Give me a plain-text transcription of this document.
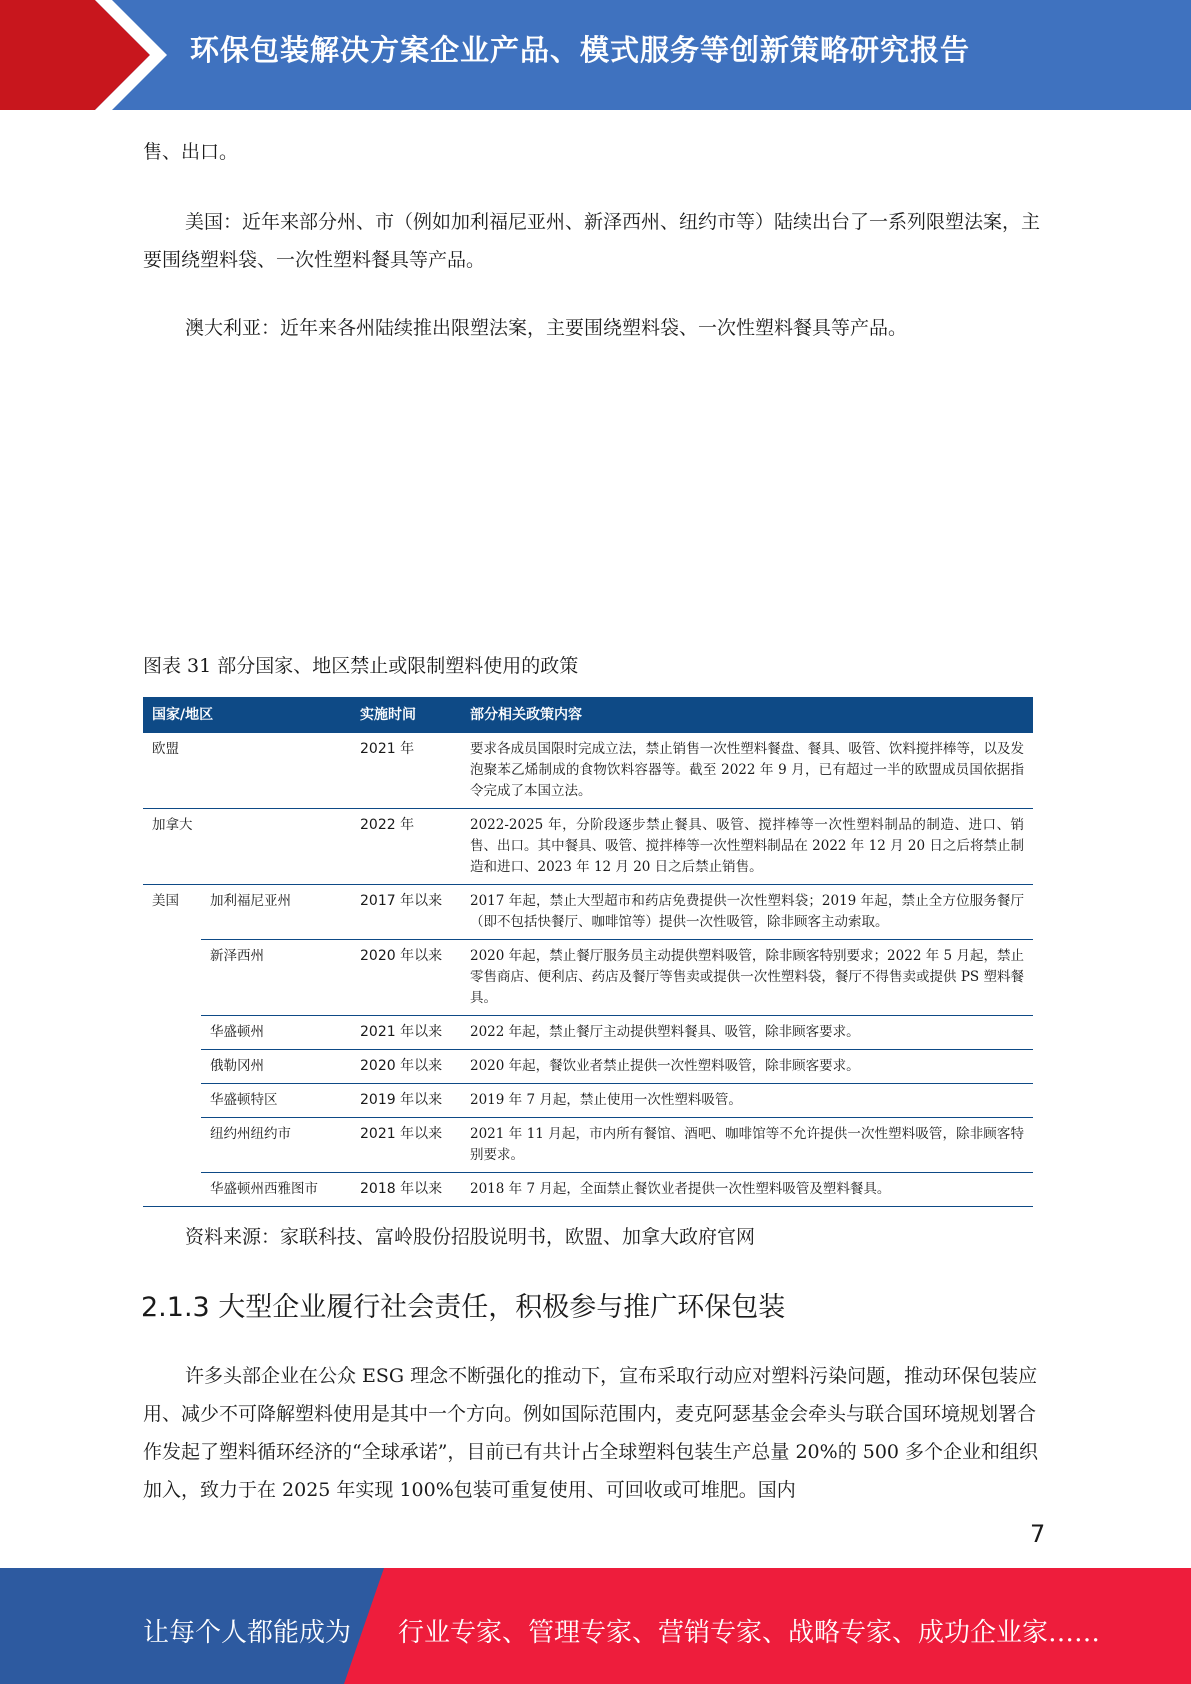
环保包装解决方案企业产品、模式服务等创新策略研究报告

售、出口。

美国：近年来部分州、市（例如加利福尼亚州、新泽西州、纽约市等）陆续出台了一系列限塑法案，主要围绕塑料袋、一次性塑料餐具等产品。

澳大利亚：近年来各州陆续推出限塑法案，主要围绕塑料袋、一次性塑料餐具等产品。

图表 31 部分国家、地区禁止或限制塑料使用的政策
国家/地区		实施时间	部分相关政策内容
欧盟		2021 年	要求各成员国限时完成立法，禁止销售一次性塑料餐盘、餐具、吸管、饮料搅拌棒等，以及发泡聚苯乙烯制成的食物饮料容器等。截至 2022 年 9 月，已有超过一半的欧盟成员国依据指令完成了本国立法。
加拿大		2022 年	2022-2025 年，分阶段逐步禁止餐具、吸管、搅拌棒等一次性塑料制品的制造、进口、销售、出口。其中餐具、吸管、搅拌棒等一次性塑料制品在 2022 年 12 月 20 日之后将禁止制造和进口、2023 年 12 月 20 日之后禁止销售。
美国	加利福尼亚州	2017 年以来	2017 年起，禁止大型超市和药店免费提供一次性塑料袋；2019 年起，禁止全方位服务餐厅（即不包括快餐厅、咖啡馆等）提供一次性吸管，除非顾客主动索取。
	新泽西州	2020 年以来	2020 年起，禁止餐厅服务员主动提供塑料吸管，除非顾客特别要求；2022 年 5 月起，禁止零售商店、便利店、药店及餐厅等售卖或提供一次性塑料袋，餐厅不得售卖或提供 PS 塑料餐具。
	华盛顿州	2021 年以来	2022 年起，禁止餐厅主动提供塑料餐具、吸管，除非顾客要求。
	俄勒冈州	2020 年以来	2020 年起，餐饮业者禁止提供一次性塑料吸管，除非顾客要求。
	华盛顿特区	2019 年以来	2019 年 7 月起，禁止使用一次性塑料吸管。
	纽约州纽约市	2021 年以来	2021 年 11 月起，市内所有餐馆、酒吧、咖啡馆等不允许提供一次性塑料吸管，除非顾客特别要求。
	华盛顿州西雅图市	2018 年以来	2018 年 7 月起，全面禁止餐饮业者提供一次性塑料吸管及塑料餐具。
资料来源：家联科技、富岭股份招股说明书，欧盟、加拿大政府官网
2.1.3 大型企业履行社会责任，积极参与推广环保包装

许多头部企业在公众 ESG 理念不断强化的推动下，宣布采取行动应对塑料污染问题，推动环保包装应用、减少不可降解塑料使用是其中一个方向。例如国际范围内，麦克阿瑟基金会牵头与联合国环境规划署合作发起了塑料循环经济的“全球承诺”，目前已有共计占全球塑料包装生产总量 20%的 500 多个企业和组织加入，致力于在 2025 年实现 100%包装可重复使用、可回收或可堆肥。国内

7
让每个人都能成为 行业专家、管理专家、营销专家、战略专家、成功企业家……
